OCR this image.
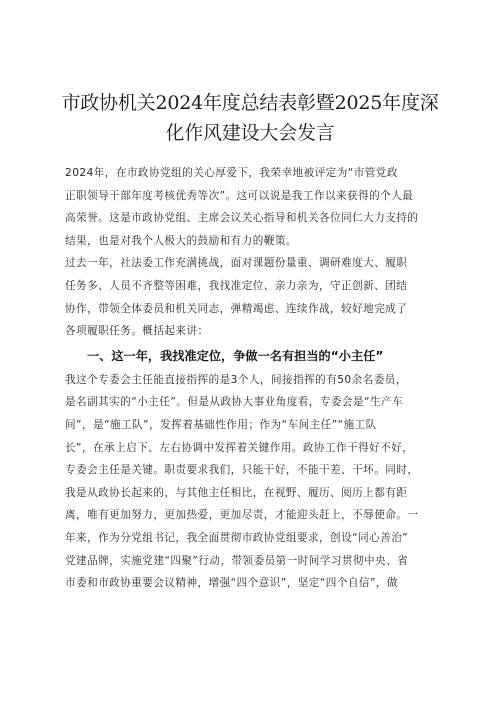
市政协机关2024年度总结表彰暨2025年度深
化作风建设大会发言
2024年，在市政协党组的关心厚爱下，我荣幸地被评定为“市管党政
正职领导干部年度考核优秀等次”。这可以说是我工作以来获得的个人最
高荣誉。这是市政协党组、主席会议关心指导和机关各位同仁大力支持的
结果，也是对我个人极大的鼓励和有力的鞭策。
过去一年，社法委工作充满挑战，面对课题份量重、调研难度大、履职
任务多、人员不齐整等困难，我找准定位、亲力亲为，守正创新、团结
协作，带领全体委员和机关同志，弹精竭虑、连续作战，较好地完成了
各项履职任务。概括起来讲：
一、这一年，我找准定位，争做一名有担当的“小主任”
我这个专委会主任能直接指挥的是3个人，间接指挥的有50余名委员，
是名副其实的“小主任”。但是从政协大事业角度看，专委会是“生产车
间”，是“施工队”，发挥着基础性作用；作为“车间主任”“施工队
长”，在承上启下、左右协调中发挥着关键作用。政协工作干得好不好，
专委会主任是关键。职责要求我们，只能干好，不能干差、干坏。同时，
我是从政协长起来的，与其他主任相比，在视野、履历、阅历上都有距
离，唯有更加努力，更加热爱，更加尽责，才能迎头赶上，不辱使命。一
年来，作为分党组书记，我全面贯彻市政协党组要求，创设“同心善治”
党建品牌，实施党建“四聚”行动，带领委员第一时间学习贯彻中央、省
市委和市政协重要会议精神，增强“四个意识”，坚定“四个自信”，做
